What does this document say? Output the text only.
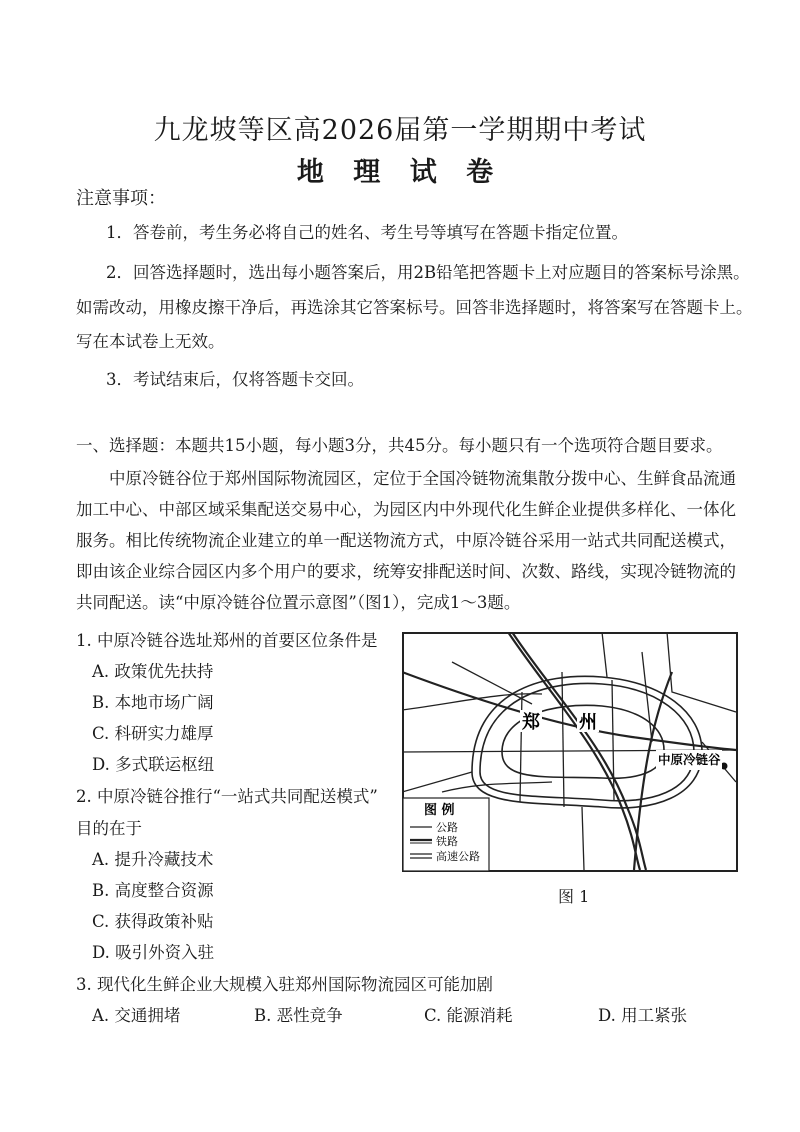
九龙坡等区高2026届第一学期期中考试
地 理 试 卷
注意事项：
1．答卷前，考生务必将自己的姓名、考生号等填写在答题卡指定位置。
2．回答选择题时，选出每小题答案后，用2B铅笔把答题卡上对应题目的答案标号涂黑。
如需改动，用橡皮擦干净后，再选涂其它答案标号。回答非选择题时，将答案写在答题卡上。
写在本试卷上无效。
3．考试结束后，仅将答题卡交回。
一、选择题：本题共15小题，每小题3分，共45分。每小题只有一个选项符合题目要求。
中原冷链谷位于郑州国际物流园区，定位于全国冷链物流集散分拨中心、生鲜食品流通加工中心、中部区域采集配送交易中心，为园区内中外现代化生鲜企业提供多样化、一体化服务。相比传统物流企业建立的单一配送物流方式，中原冷链谷采用一站式共同配送模式，即由该企业综合园区内多个用户的要求，统筹安排配送时间、次数、路线，实现冷链物流的共同配送。读“中原冷链谷位置示意图”（图1），完成1～3题。
1. 中原冷链谷选址郑州的首要区位条件是
A. 政策优先扶持
B. 本地市场广阔
C. 科研实力雄厚
D. 多式联运枢纽
2. 中原冷链谷推行“一站式共同配送模式”
目的在于
A. 提升冷藏技术
B. 高度整合资源
C. 获得政策补贴
D. 吸引外资入驻
3. 现代化生鲜企业大规模入驻郑州国际物流园区可能加剧
A. 交通拥堵	B. 恶性竞争	C. 能源消耗	D. 用工紧张
郑 州
中原冷链谷
图 例
公路
铁路
高速公路
图 1
